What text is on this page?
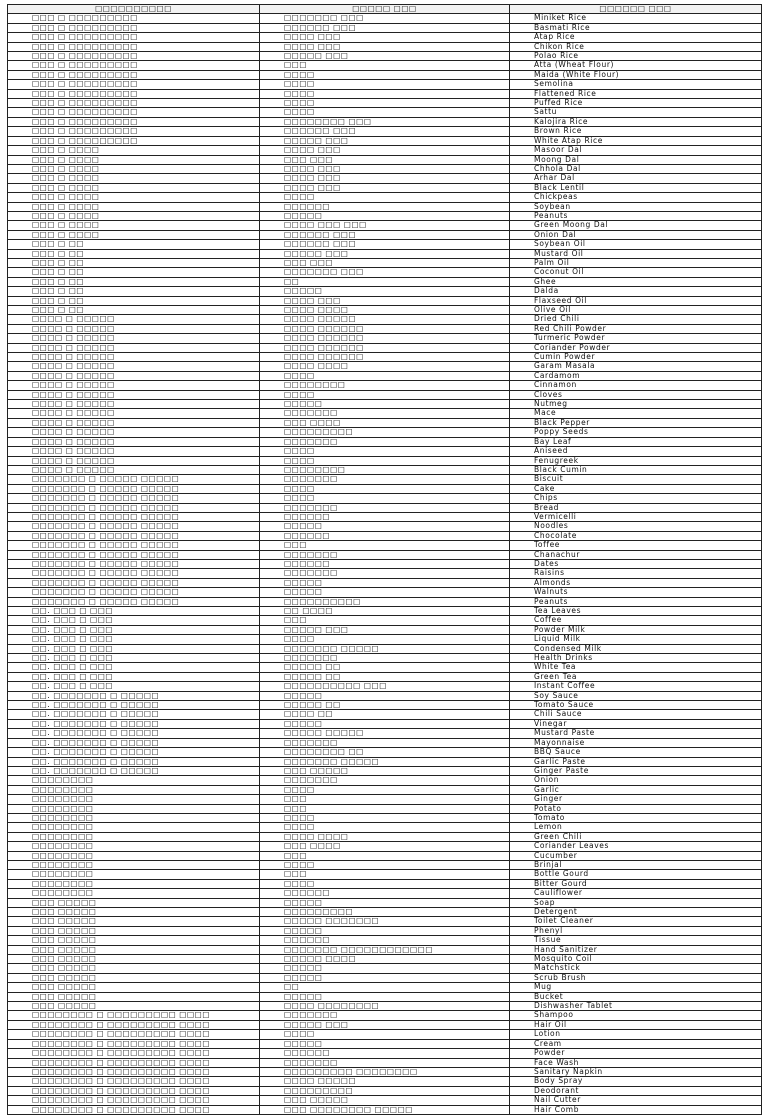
□□□□□□□□□□	□□□□□ □□□	□□□□□□ □□□
□□□ □ □□□□□□□□□	□□□□□□□ □□□	Miniket Rice
□□□ □ □□□□□□□□□	□□□□□□ □□□	Basmati Rice
□□□ □ □□□□□□□□□	□□□□ □□□	Atap Rice
□□□ □ □□□□□□□□□	□□□□ □□□	Chikon Rice
□□□ □ □□□□□□□□□	□□□□□ □□□	Polao Rice
□□□ □ □□□□□□□□□	□□□	Atta (Wheat Flour)
□□□ □ □□□□□□□□□	□□□□	Maida (White Flour)
□□□ □ □□□□□□□□□	□□□□	Semolina
□□□ □ □□□□□□□□□	□□□□	Flattened Rice
□□□ □ □□□□□□□□□	□□□□	Puffed Rice
□□□ □ □□□□□□□□□	□□□□	Sattu
□□□ □ □□□□□□□□□	□□□□□□□□ □□□	Kalojira Rice
□□□ □ □□□□□□□□□	□□□□□□ □□□	Brown Rice
□□□ □ □□□□□□□□□	□□□□□ □□□	White Atap Rice
□□□ □ □□□□	□□□□ □□□	Masoor Dal
□□□ □ □□□□	□□□ □□□	Moong Dal
□□□ □ □□□□	□□□□ □□□	Chhola Dal
□□□ □ □□□□	□□□□ □□□	Arhar Dal
□□□ □ □□□□	□□□□ □□□	Black Lentil
□□□ □ □□□□	□□□□	Chickpeas
□□□ □ □□□□	□□□□□□	Soybean
□□□ □ □□□□	□□□□□	Peanuts
□□□ □ □□□□	□□□□ □□□ □□□	Green Moong Dal
□□□ □ □□□□	□□□□□□ □□□	Onion Dal
□□□ □ □□	□□□□□□ □□□	Soybean Oil
□□□ □ □□	□□□□□ □□□	Mustard Oil
□□□ □ □□	□□□ □□□	Palm Oil
□□□ □ □□	□□□□□□□ □□□	Coconut Oil
□□□ □ □□	□□	Ghee
□□□ □ □□	□□□□□	Dalda
□□□ □ □□	□□□□ □□□	Flaxseed Oil
□□□ □ □□	□□□□ □□□□	Olive Oil
□□□□ □ □□□□□	□□□□ □□□□□	Dried Chili
□□□□ □ □□□□□	□□□□ □□□□□□	Red Chili Powder
□□□□ □ □□□□□	□□□□ □□□□□□	Turmeric Powder
□□□□ □ □□□□□	□□□□ □□□□□□	Coriander Powder
□□□□ □ □□□□□	□□□□ □□□□□□	Cumin Powder
□□□□ □ □□□□□	□□□□ □□□□	Garam Masala
□□□□ □ □□□□□	□□□□	Cardamom
□□□□ □ □□□□□	□□□□□□□□	Cinnamon
□□□□ □ □□□□□	□□□□	Cloves
□□□□ □ □□□□□	□□□□□	Nutmeg
□□□□ □ □□□□□	□□□□□□□	Mace
□□□□ □ □□□□□	□□□ □□□□	Black Pepper
□□□□ □ □□□□□	□□□□□□□□□	Poppy Seeds
□□□□ □ □□□□□	□□□□□□□	Bay Leaf
□□□□ □ □□□□□	□□□□	Aniseed
□□□□ □ □□□□□	□□□□	Fenugreek
□□□□ □ □□□□□	□□□□□□□□	Black Cumin
□□□□□□□ □ □□□□□ □□□□□	□□□□□□□	Biscuit
□□□□□□□ □ □□□□□ □□□□□	□□□□	Cake
□□□□□□□ □ □□□□□ □□□□□	□□□□	Chips
□□□□□□□ □ □□□□□ □□□□□	□□□□□□□	Bread
□□□□□□□ □ □□□□□ □□□□□	□□□□□□	Vermicelli
□□□□□□□ □ □□□□□ □□□□□	□□□□□	Noodles
□□□□□□□ □ □□□□□ □□□□□	□□□□□□	Chocolate
□□□□□□□ □ □□□□□ □□□□□	□□□	Toffee
□□□□□□□ □ □□□□□ □□□□□	□□□□□□□	Chanachur
□□□□□□□ □ □□□□□ □□□□□	□□□□□□	Dates
□□□□□□□ □ □□□□□ □□□□□	□□□□□□□	Raisins
□□□□□□□ □ □□□□□ □□□□□	□□□□□	Almonds
□□□□□□□ □ □□□□□ □□□□□	□□□□□	Walnuts
□□□□□□□ □ □□□□□ □□□□□	□□□□□□□□□□	Peanuts
□□. □□□ □ □□□	□□ □□□□	Tea Leaves
□□. □□□ □ □□□	□□□	Coffee
□□. □□□ □ □□□	□□□□□ □□□	Powder Milk
□□. □□□ □ □□□	□□□□	Liquid Milk
□□. □□□ □ □□□	□□□□□□□ □□□□□	Condensed Milk
□□. □□□ □ □□□	□□□□□□□	Health Drinks
□□. □□□ □ □□□	□□□□□ □□	White Tea
□□. □□□ □ □□□	□□□□□ □□	Green Tea
□□. □□□ □ □□□	□□□□□□□□□□ □□□	Instant Coffee
□□. □□□□□□□ □ □□□□□	□□□□□	Soy Sauce
□□. □□□□□□□ □ □□□□□	□□□□□ □□	Tomato Sauce
□□. □□□□□□□ □ □□□□□	□□□□ □□	Chili Sauce
□□. □□□□□□□ □ □□□□□	□□□□□	Vinegar
□□. □□□□□□□ □ □□□□□	□□□□□ □□□□□	Mustard Paste
□□. □□□□□□□ □ □□□□□	□□□□□□□	Mayonnaise
□□. □□□□□□□ □ □□□□□	□□□□□□□□ □□	BBQ Sauce
□□. □□□□□□□ □ □□□□□	□□□□□□□ □□□□□	Garlic Paste
□□. □□□□□□□ □ □□□□□	□□□ □□□□□	Ginger Paste
□□□□□□□□	□□□□□□□	Onion
□□□□□□□□	□□□□	Garlic
□□□□□□□□	□□□	Ginger
□□□□□□□□	□□□	Potato
□□□□□□□□	□□□□	Tomato
□□□□□□□□	□□□□	Lemon
□□□□□□□□	□□□□ □□□□	Green Chili
□□□□□□□□	□□□ □□□□	Coriander Leaves
□□□□□□□□	□□□	Cucumber
□□□□□□□□	□□□□	Brinjal
□□□□□□□□	□□□	Bottle Gourd
□□□□□□□□	□□□□	Bitter Gourd
□□□□□□□□	□□□□□□	Cauliflower
□□□ □□□□□	□□□□□	Soap
□□□ □□□□□	□□□□□□□□□	Detergent
□□□ □□□□□	□□□□□ □□□□□□□	Toilet Cleaner
□□□ □□□□□	□□□□□	Phenyl
□□□ □□□□□	□□□□□□	Tissue
□□□ □□□□□	□□□□□□□ □□□□□□□□□□□□	Hand Sanitizer
□□□ □□□□□	□□□□□ □□□□	Mosquito Coil
□□□ □□□□□	□□□□□	Matchstick
□□□ □□□□□	□□□□□	Scrub Brush
□□□ □□□□□	□□	Mug
□□□ □□□□□	□□□□□	Bucket
□□□ □□□□□	□□□□ □□□□□□□□	Dishwasher Tablet
□□□□□□□□ □ □□□□□□□□□ □□□□	□□□□□□□	Shampoo
□□□□□□□□ □ □□□□□□□□□ □□□□	□□□□□ □□□	Hair Oil
□□□□□□□□ □ □□□□□□□□□ □□□□	□□□□	Lotion
□□□□□□□□ □ □□□□□□□□□ □□□□	□□□□□	Cream
□□□□□□□□ □ □□□□□□□□□ □□□□	□□□□□□	Powder
□□□□□□□□ □ □□□□□□□□□ □□□□	□□□□□□□	Face Wash
□□□□□□□□ □ □□□□□□□□□ □□□□	□□□□□□□□□ □□□□□□□□	Sanitary Napkin
□□□□□□□□ □ □□□□□□□□□ □□□□	□□□□ □□□□□	Body Spray
□□□□□□□□ □ □□□□□□□□□ □□□□	□□□□□□□□□	Deodorant
□□□□□□□□ □ □□□□□□□□□ □□□□	□□□ □□□□□	Nail Cutter
□□□□□□□□ □ □□□□□□□□□ □□□□	□□□ □□□□□□□□ □□□□□	Hair Comb
